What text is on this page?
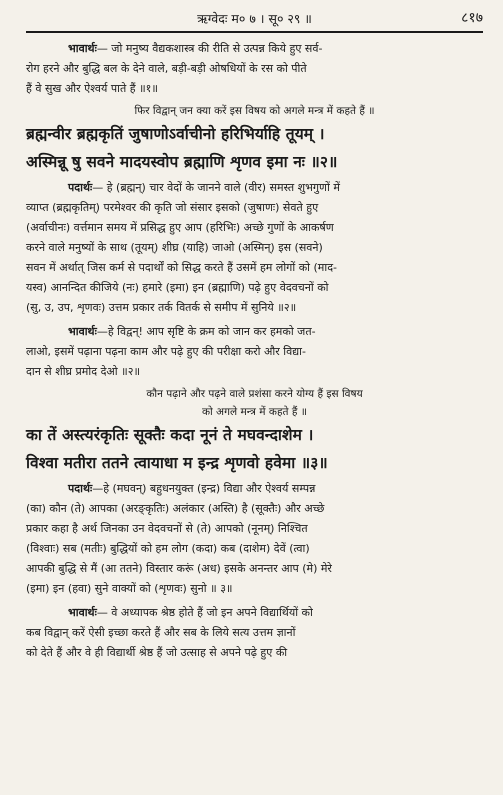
ऋग्वेदः म० ७ । सू० २९ ॥	८१७

भावार्थः— जो मनुष्य वैद्यकशास्त्र की रीति से उत्पन्न किये हुए सर्व-

रोग हरने और बुद्धि बल के देने वाले, बड़ी-बड़ी ओषधियों के रस को पीते

हैं वे सुख और ऐश्वर्य पाते हैं ॥१॥

फिर विद्वान् जन क्या करें इस विषय को अगले मन्त्र में कहते हैं ॥

ब्रह्मन्वीर ब्रह्मकृतिं जुषाणोऽर्वाचीनो हरिभिर्याहि तूयम् ।

अस्मिन्नू षु सवने मादयस्वोप ब्रह्माणि शृणव इमा नः ॥२॥

पदार्थः— हे (ब्रह्मन्) चार वेदों के जानने वाले (वीर) समस्त शुभगुणों में

व्याप्त (ब्रह्मकृतिम्) परमेश्वर की कृति जो संसार इसको (जुषाणः) सेवते हुए

(अर्वाचीनः) वर्त्तमान समय में प्रसिद्ध हुए आप (हरिभिः) अच्छे गुणों के आकर्षण

करने वाले मनुष्यों के साथ (तूयम्) शीघ्र (याहि) जाओ (अस्मिन्) इस (सवने)

सवन में अर्थात् जिस कर्म से पदार्थों को सिद्ध करते हैं उसमें हम लोगों को (माद-

यस्व) आनन्दित कीजिये (नः) हमारे (इमा) इन (ब्रह्माणि) पढ़े हुए वेदवचनों को

(सु, उ, उप, शृणवः) उत्तम प्रकार तर्क वितर्क से समीप में सुनिये ॥२॥

भावार्थः—हे विद्वन्! आप सृष्टि के क्रम को जान कर हमको जत-

लाओ, इसमें पढ़ाना पढ़ना काम और पढ़े हुए की परीक्षा करो और विद्या-

दान से शीघ्र प्रमोद देओ ॥२॥

कौन पढ़ाने और पढ़ने वाले प्रशंसा करने योग्य हैं इस विषय

को अगले मन्त्र में कहते हैं ॥

का तें अस्त्यरंकृतिः सूक्तैः कदा नूनं ते मघवन्दाशेम ।

विश्वा मतीरा ततने त्वायाधा म इन्द्र शृणवो हवेमा ॥३॥

पदार्थः—हे (मघवन्) बहुधनयुक्त (इन्द्र) विद्या और ऐश्वर्य सम्पन्न

(का) कौन (ते) आपका (अरङ्कृतिः) अलंकार (अस्ति) है (सूक्तैः) और अच्छे

प्रकार कहा है अर्थ जिनका उन वेदवचनों से (ते) आपको (नूनम्) निश्चित

(विश्वाः) सब (मतीः) बुद्धियों को हम लोग (कदा) कब (दाशेम) देवें (त्वा)

आपकी बुद्धि से मैं (आ ततने) विस्तार करूं (अध) इसके अनन्तर आप (मे) मेरे

(इमा) इन (हवा) सुने वाक्यों को (शृणवः) सुनो ॥ ३॥

भावार्थः— वे अध्यापक श्रेष्ठ होते हैं जो इन अपने विद्यार्थियों को

कब विद्वान् करें ऐसी इच्छा करते हैं और सब के लिये सत्य उत्तम ज्ञानों

को देते हैं और वे ही विद्यार्थी श्रेष्ठ हैं जो उत्साह से अपने पढ़े हुए की
